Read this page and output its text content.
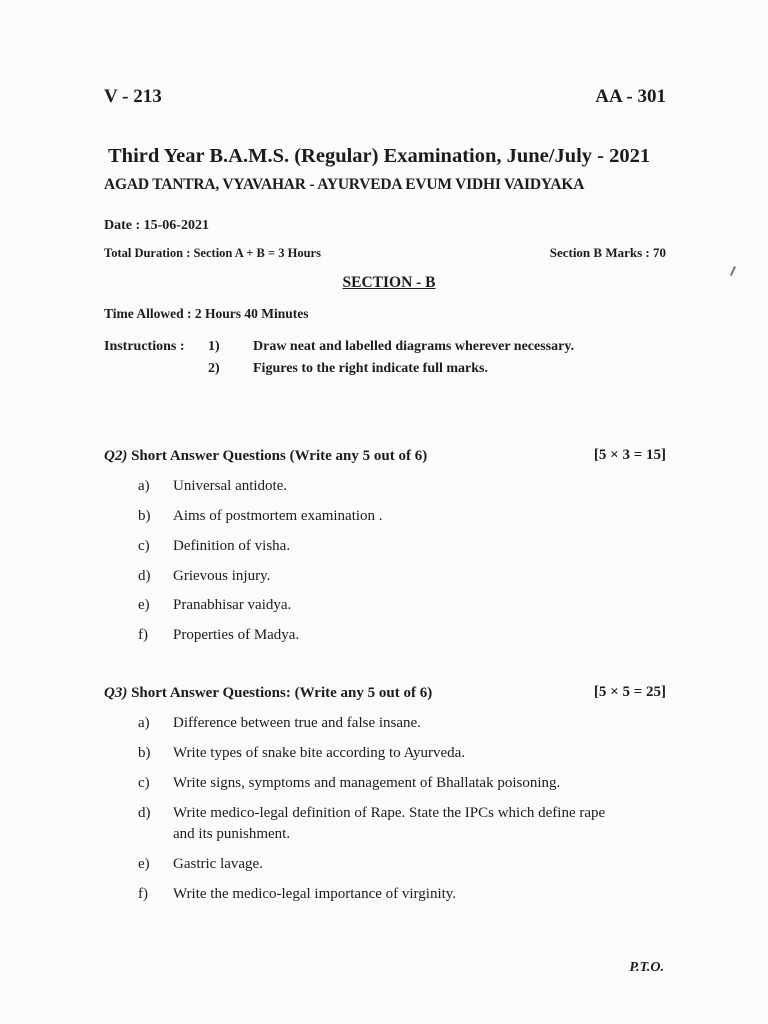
V - 213	AA - 301
Third Year B.A.M.S. (Regular) Examination, June/July - 2021
AGAD TANTRA, VYAVAHAR - AYURVEDA EVUM VIDHI VAIDYAKA
Date : 15-06-2021
Total Duration : Section A + B = 3 Hours	Section B Marks : 70
SECTION - B
Time Allowed : 2 Hours 40 Minutes
Instructions : 1) Draw neat and labelled diagrams wherever necessary.
2) Figures to the right indicate full marks.
Q2) Short Answer Questions (Write any 5 out of 6)	[5 × 3 = 15]
a) Universal antidote.
b) Aims of postmortem examination .
c) Definition of visha.
d) Grievous injury.
e) Pranabhisar vaidya.
f) Properties of Madya.
Q3) Short Answer Questions: (Write any 5 out of 6)	[5 × 5 = 25]
a) Difference between true and false insane.
b) Write types of snake bite according to Ayurveda.
c) Write signs, symptoms and management of Bhallatak poisoning.
d) Write medico-legal definition of Rape. State the IPCs which define rape
and its punishment.
e) Gastric lavage.
f) Write the medico-legal importance of virginity.
P.T.O.
